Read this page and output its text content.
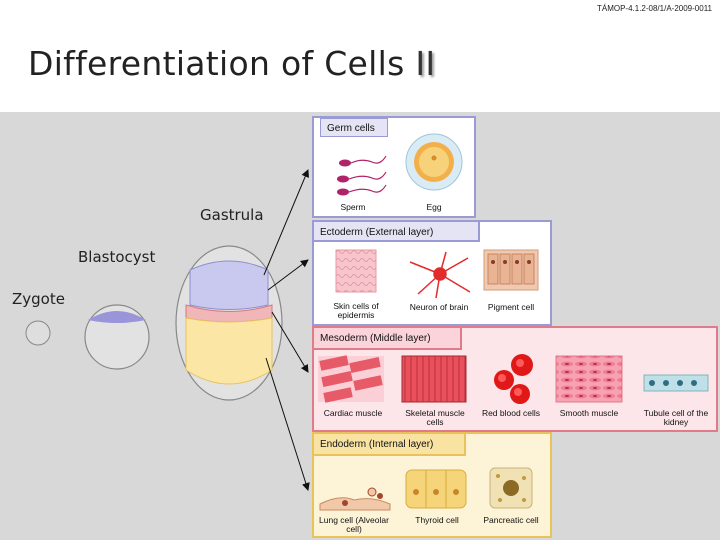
TÁMOP-4.1.2-08/1/A-2009-0011
Differentiation of Cells II
Germ cells
Ectoderm (External layer)
Mesoderm (Middle layer)
Endoderm (Internal layer)
Gastrula
Blastocyst
Zygote
Sperm	Egg
Skin cells of epidermis
Neuron of brain	Pigment cell
Cardiac muscle	Skeletal muscle cells
Red blood cells	Smooth muscle	Tubule cell of the kidney
Lung cell (Alveolar cell)
Thyroid cell	Pancreatic cell
